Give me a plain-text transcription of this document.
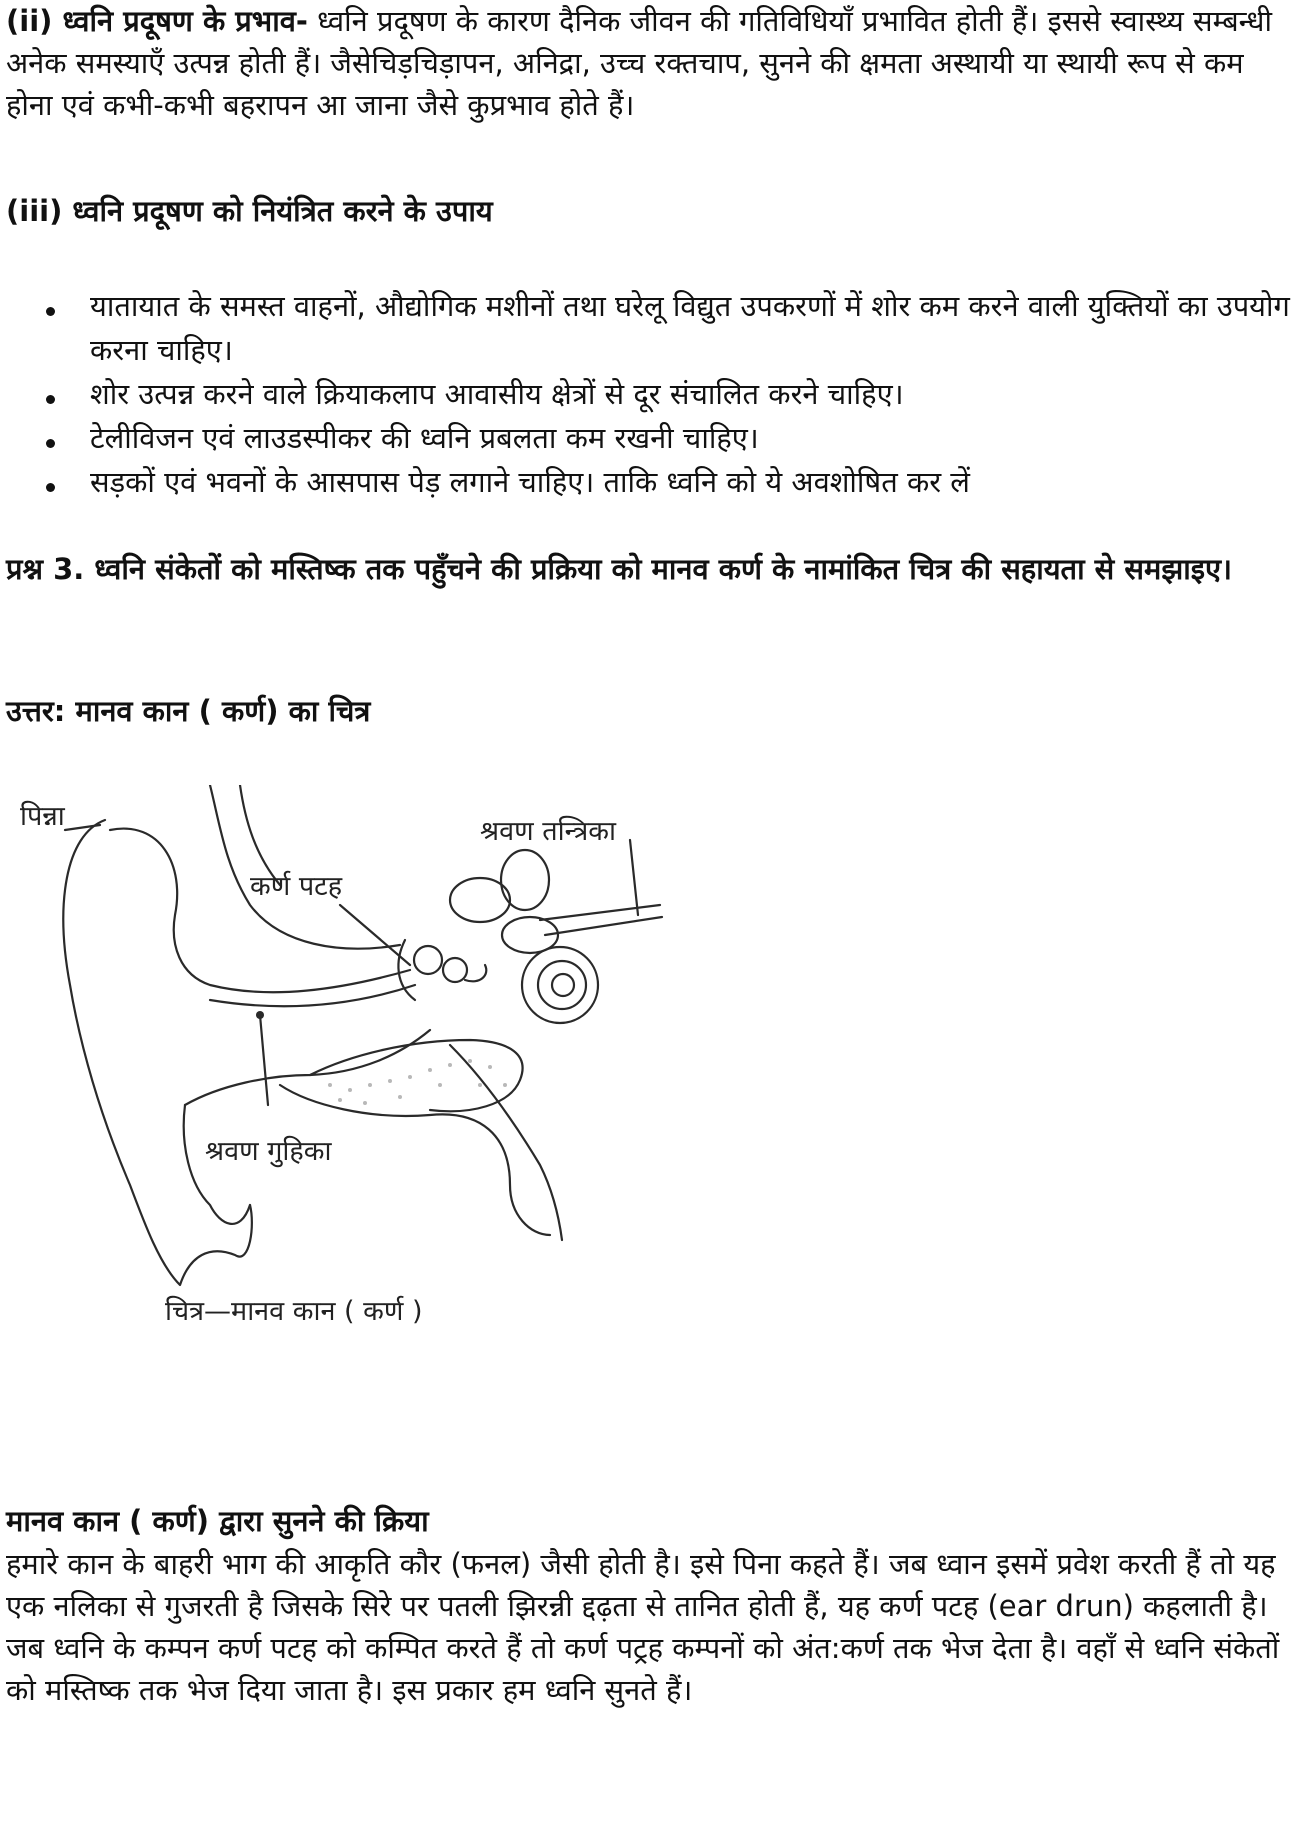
(ii) ध्वनि प्रदूषण के प्रभाव- ध्वनि प्रदूषण के कारण दैनिक जीवन की गतिविधियाँ प्रभावित होती हैं। इससे स्वास्थ्य सम्बन्धी अनेक समस्याएँ उत्पन्न होती हैं। जैसेचिड़चिड़ापन, अनिद्रा, उच्च रक्तचाप, सुनने की क्षमता अस्थायी या स्थायी रूप से कम होना एवं कभी-कभी बहरापन आ जाना जैसे कुप्रभाव होते हैं।

(iii) ध्वनि प्रदूषण को नियंत्रित करने के उपाय
यातायात के समस्त वाहनों, औद्योगिक मशीनों तथा घरेलू विद्युत उपकरणों में शोर कम करने वाली युक्तियों का उपयोग करना चाहिए।
शोर उत्पन्न करने वाले क्रियाकलाप आवासीय क्षेत्रों से दूर संचालित करने चाहिए।
टेलीविजन एवं लाउडस्पीकर की ध्वनि प्रबलता कम रखनी चाहिए।
सड़कों एवं भवनों के आसपास पेड़ लगाने चाहिए। ताकि ध्वनि को ये अवशोषित कर लें

प्रश्न 3. ध्वनि संकेतों को मस्तिष्क तक पहुँचने की प्रक्रिया को मानव कर्ण के नामांकित चित्र की सहायता से समझाइए।

उत्तर: मानव कान ( कर्ण) का चित्र
पिन्ना	श्रवण तन्त्रिका
कर्ण पटह
श्रवण गुहिका
चित्र—मानव कान ( कर्ण )
मानव कान ( कर्ण) द्वारा सुनने की क्रिया

हमारे कान के बाहरी भाग की आकृति कौर (फनल) जैसी होती है। इसे पिना कहते हैं। जब ध्वान इसमें प्रवेश करती हैं तो यह एक नलिका से गुजरती है जिसके सिरे पर पतली झिरन्नी द्दढ़ता से तानित होती हैं, यह कर्ण पटह (ear drun) कहलाती है। जब ध्वनि के कम्पन कर्ण पटह को कम्पित करते हैं तो कर्ण पट्रह कम्पनों को अंत:कर्ण तक भेज देता है। वहाँ से ध्वनि संकेतों को मस्तिष्क तक भेज दिया जाता है। इस प्रकार हम ध्वनि सुनते हैं।
